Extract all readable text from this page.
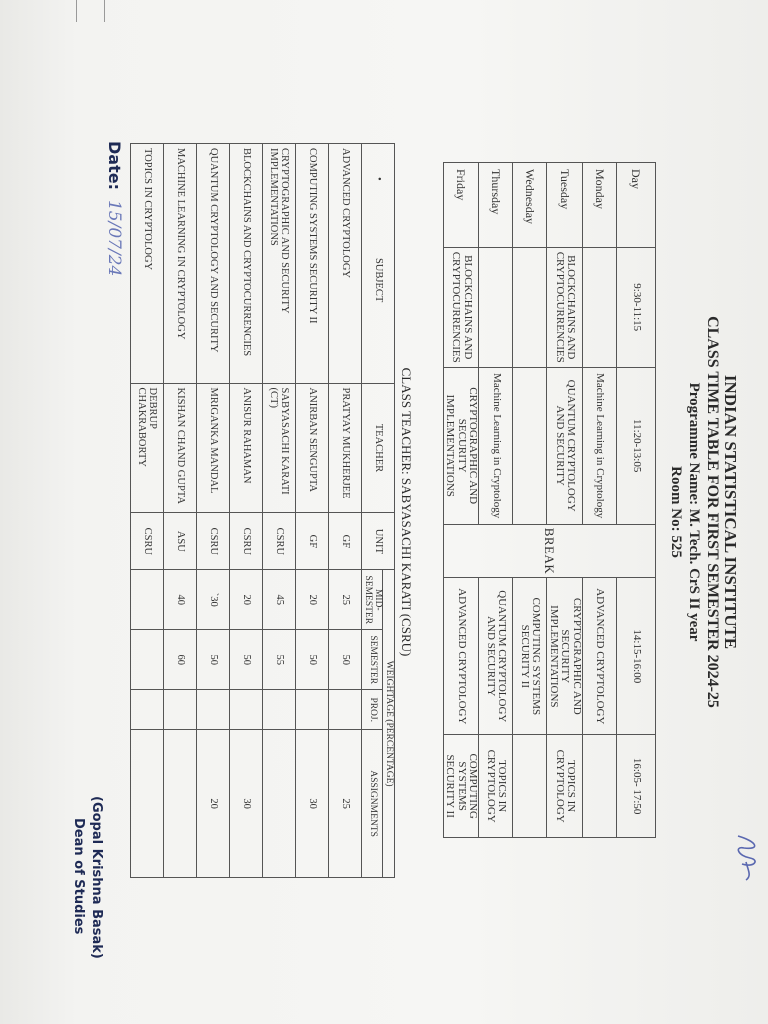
INDIAN STATISTICAL INSTITUTE
CLASS TIME TABLE FOR FIRST SEMESTER 2024-25
Programme Name: M. Tech. CrS II year
Room No: 525
Day	9:30-11:15	11:20-13:05	BREAK	14:15-16:00	16:05- 17:50
Monday		Machine Learning in Cryptology		ADVANCED CRYPTOLOGY	
Tuesday	BLOCKCHAINS AND CRYPTOCURRENCIES	QUANTUM CRYPTOLOGY AND SECURITY		CRYPTOGRAPHIC AND SECURITY IMPLEMENTATIONS	TOPICS IN CRYPTOLOGY
Wednesday				COMPUTING SYSTEMS SECURITY II	
Thursday		Machine Learning in Cryptology		QUANTUM CRYPTOLOGY AND SECURITY	TOPICS IN CRYPTOLOGY
Friday	BLOCKCHAINS AND CRYPTOCURRENCIES	CRYPTOGRAPHIC AND SECURITY IMPLEMENTATIONS		ADVANCED CRYPTOLOGY	COMPUTING SYSTEMS SECURITY II
CLASS TEACHER: SABYASACHI KARATI (CSRU)
•
SUBJECT	TEACHER	UNIT	WEIGHTAGE (PERCENTAGE)			
			MID-SEMESTER	SEMESTER	PROJ.	ASSIGNMENTS
ADVANCED CRYPTOLOGY	PRATYAY MUKHERJEE	GF	25	50		25
COMPUTING SYSTEMS SECURITY II	ANIRBAN SENGUPTA	GF	20	50		30
CRYPTOGRAPHIC AND SECURITY IMPLEMENTATIONS	SABYASACHI KARATI (CT)	CSRU	45	55		
BLOCKCHAINS AND CRYPTOCURRENCIES	ANISUR RAHAMAN	CSRU	20	50		30
QUANTUM CRYPTOLOGY AND SECURITY	MRIGANKA MANDAL	CSRU	`30	50		20
MACHINE LEARNING IN CRYPTOLOGY	KISHAN CHAND GUPTA	ASU	40	60		
TOPICS IN CRYPTOLOGY	DEBRUP CHAKRABORTY	CSRU				
Date: 15/07/24
(Gopal Krishna Basak)
Dean of Studies
